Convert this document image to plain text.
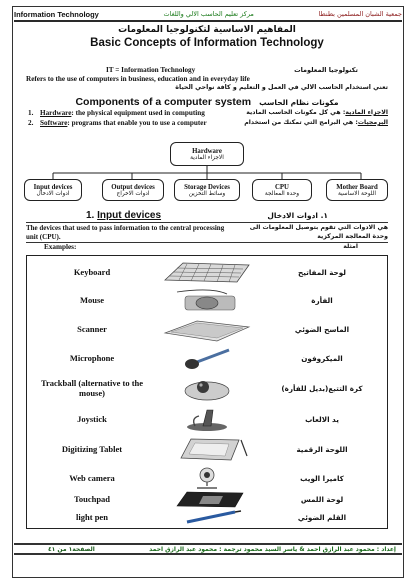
Information Technology	مركز تعليم الحاسب الالي واللغات	جمعية الشبان المسلمين بطنطا
المفاهيم الاساسية لتكنولوجيا المعلومات
Basic Concepts of Information Technology
IT = Information Technology	تكنولوجيا المعلومات
Refers to the use of computers in business, education and in everyday life
تعني استخدام الحاسب الالي في العمل و التعليم و كافة نواحي الحياة
Components of a computer system مكونات نظام الحاسب
1. Hardware: the physical equipment used in computing	الاجزاء المادية: هي كل مكونات الحاسب المادية
2. Software: programs that enable you to use a computer	البرمجيات: هي البرامج التي تمكنك من استخدام
Hardware
الاجزاء المادية
Input devices
ادوات الادخال
Output devices
ادوات الاخراج
Storage Devices
وسائط التخزين
CPU
وحدة المعالجة
Mother Board
اللوحة الاساسية
1. Input devices	١. ادوات الادخال
The devices that used to pass information to the central processing unit (CPU).
هي الادوات التي تقوم بتوصيل المعلومات الى وحدة المعالجة المركزية
Examples:	امثلة
Keyboard	لوحة المفاتيح
Mouse	الفأرة
Scanner	الماسح الضوئي
Microphone	الميكروفون
Trackball (alternative to the mouse)	كرة التتبع(بديل للفأرة)
Joystick	يد الالعاب
Digitizing Tablet	اللوحة الرقمية
Web camera	كاميرا الويب
Touchpad	لوحة اللمس
light pen	القلم الضوئي
الصفحة١ من ٤١	إعداد : محمود عبد الرازق احمد & ياسر السيد محمود ترجمة : محمود عبد الرازق احمد
